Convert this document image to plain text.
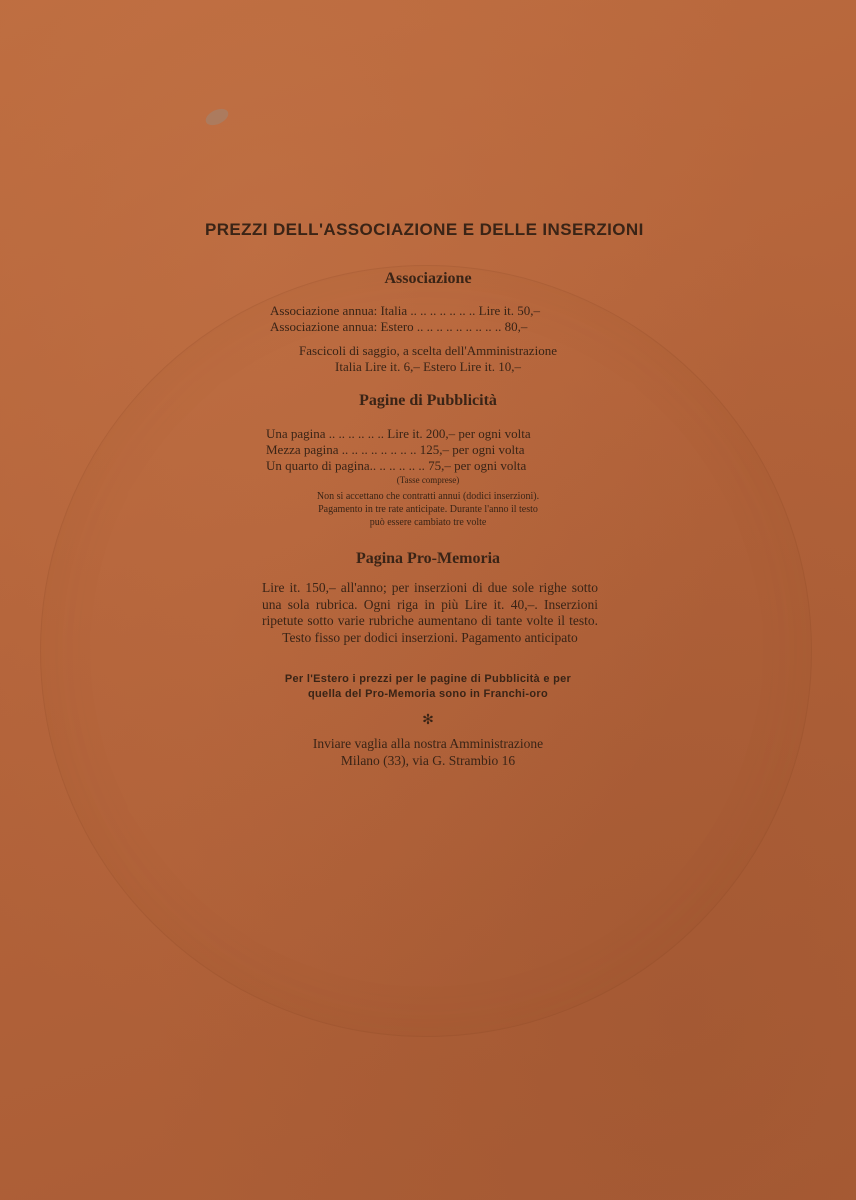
PREZZI DELL'ASSOCIAZIONE E DELLE INSERZIONI
Associazione
Associazione annua: Italia .. .. .. .. .. .. .. Lire it. 50,–
Associazione annua: Estero .. .. .. .. .. .. .. .. .. 80,–
Fascicoli di saggio, a scelta dell'Amministrazione
Italia Lire it. 6,– Estero Lire it. 10,–
Pagine di Pubblicità
Una pagina .. .. .. .. .. .. Lire it. 200,– per ogni volta
Mezza pagina .. .. .. .. .. .. .. .. 125,– per ogni volta
Un quarto di pagina.. .. .. .. .. .. 75,– per ogni volta
(Tasse comprese)
Non si accettano che contratti annui (dodici inserzioni).
Pagamento in tre rate anticipate. Durante l'anno il testo
può essere cambiato tre volte
Pagina Pro-Memoria
Lire it. 150,– all'anno; per inserzioni di due sole righe sotto una sola rubrica. Ogni riga in più Lire it. 40,–. Inserzioni ripetute sotto varie rubriche aumentano di tante volte il testo. Testo fisso per dodici inserzioni. Pagamento anticipato
Per l'Estero i prezzi per le pagine di Pubblicità e per
quella del Pro-Memoria sono in Franchi-oro
✻
Inviare vaglia alla nostra Amministrazione
Milano (33), via G. Strambio 16
